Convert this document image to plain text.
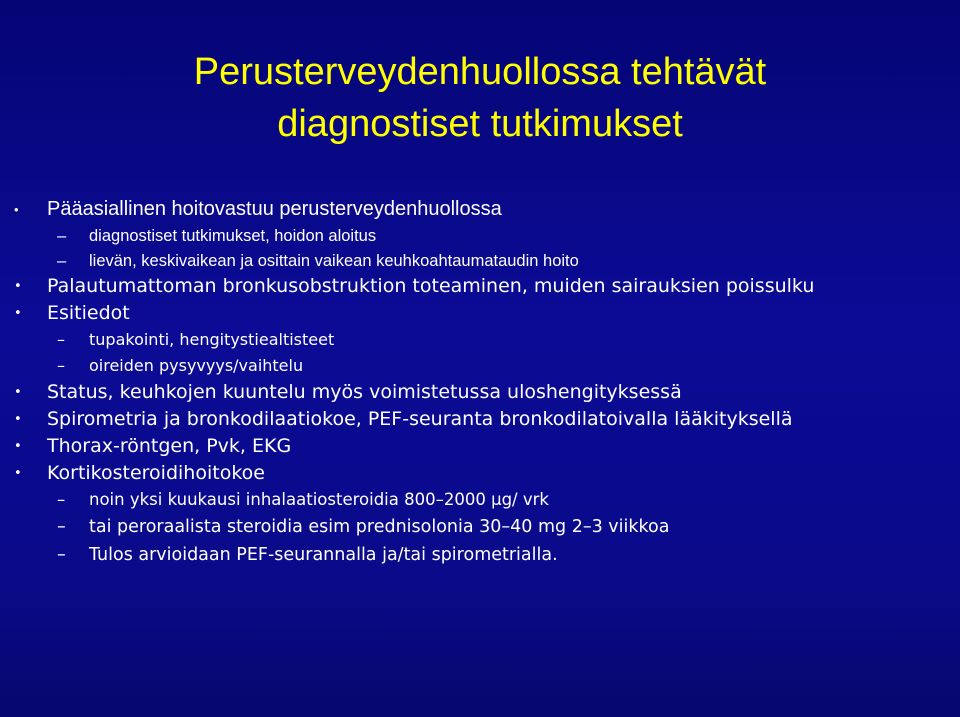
Perusterveydenhuollossa tehtävät
diagnostiset tutkimukset
• Pääasiallinen hoitovastuu perusterveydenhuollossa
– diagnostiset tutkimukset, hoidon aloitus
– lievän, keskivaikean ja osittain vaikean keuhkoahtaumataudin hoito
• Palautumattoman bronkusobstruktion toteaminen, muiden sairauksien poissulku
• Esitiedot
– tupakointi, hengitystiealtisteet
– oireiden pysyvyys/vaihtelu
• Status, keuhkojen kuuntelu myös voimistetussa uloshengityksessä
• Spirometria ja bronkodilaatiokoe, PEF-seuranta bronkodilatoivalla lääkityksellä
• Thorax-röntgen, Pvk, EKG
• Kortikosteroidihoitokoe
– noin yksi kuukausi inhalaatiosteroidia 800–2000 µg/ vrk
– tai peroraalista steroidia esim prednisolonia 30–40 mg 2–3 viikkoa
– Tulos arvioidaan PEF-seurannalla ja/tai spirometrialla.
